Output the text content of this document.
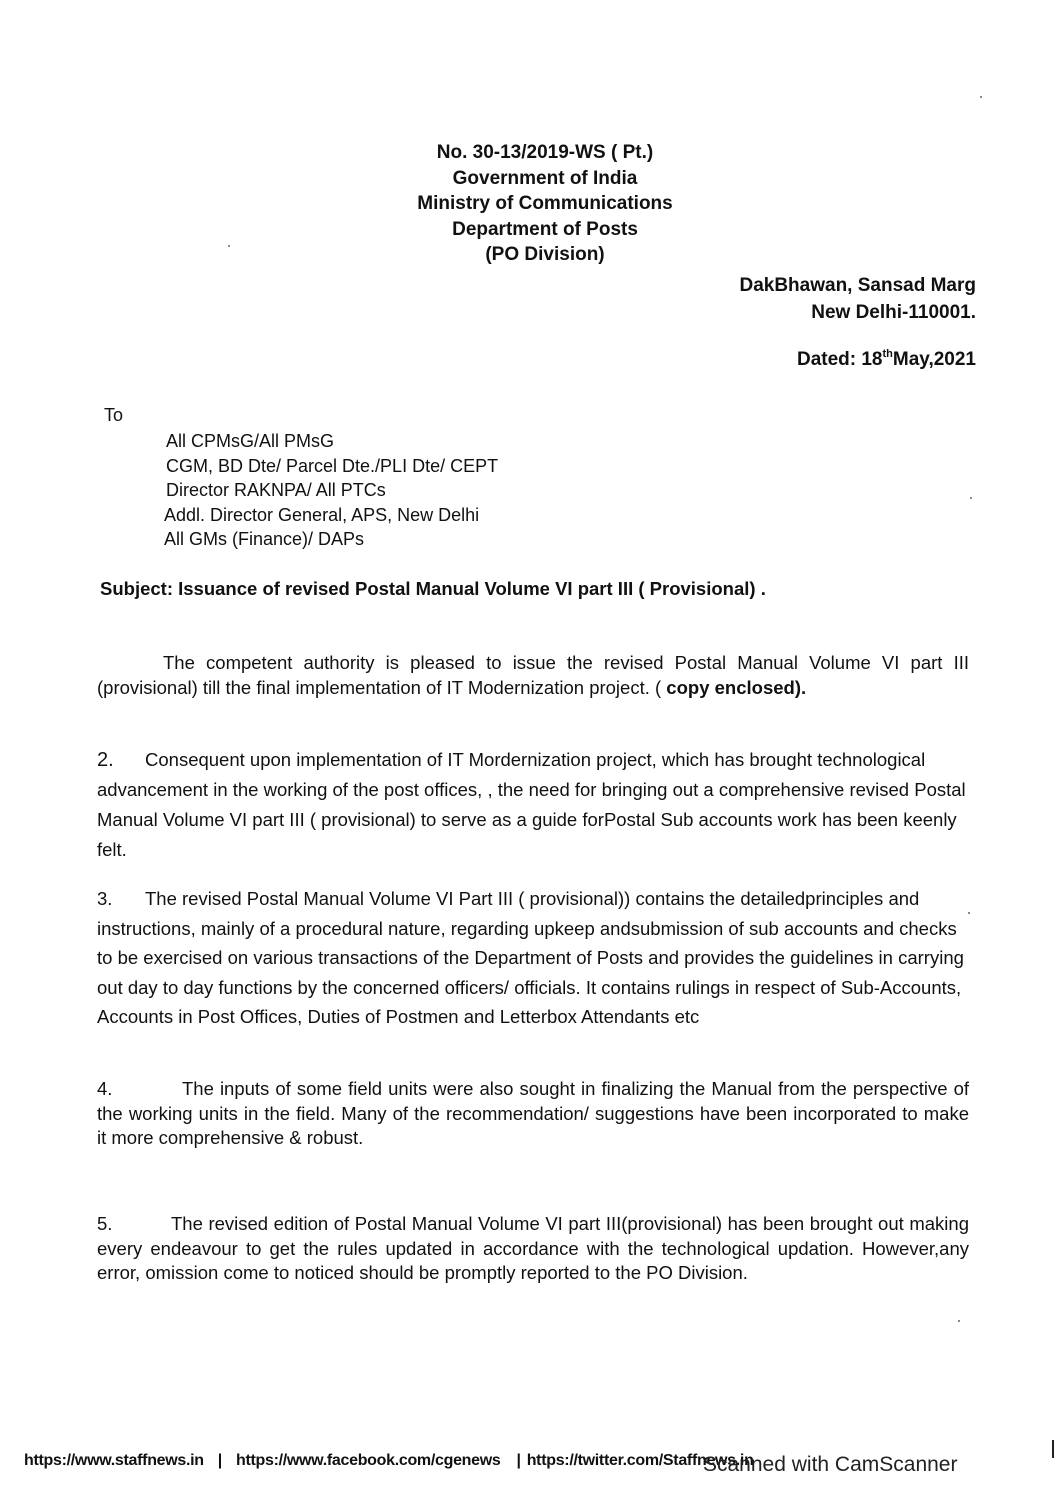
No. 30-13/2019-WS ( Pt.)
Government of India
Ministry of Communications
Department of Posts
(PO Division)
DakBhawan, Sansad Marg
New Delhi-110001.
Dated: 18thMay,2021
To
All CPMsG/All PMsG
CGM, BD Dte/ Parcel Dte./PLI Dte/ CEPT
Director RAKNPA/ All PTCs
Addl. Director General, APS, New Delhi
All GMs (Finance)/ DAPs
Subject: Issuance of revised Postal Manual Volume VI part III ( Provisional) .
The competent authority is pleased to issue the revised Postal Manual Volume VI part III (provisional) till the final implementation of IT Modernization project. ( copy enclosed).
2. Consequent upon implementation of IT Mordernization project, which has brought technological advancement in the working of the post offices, , the need for bringing out a comprehensive revised Postal Manual Volume VI part III ( provisional) to serve as a guide forPostal Sub accounts work has been keenly felt.
3. The revised Postal Manual Volume VI Part III ( provisional)) contains the detailedprinciples and instructions, mainly of a procedural nature, regarding upkeep andsubmission of sub accounts and checks to be exercised on various transactions of the Department of Posts and provides the guidelines in carrying out day to day functions by the concerned officers/ officials. It contains rulings in respect of Sub-Accounts, Accounts in Post Offices, Duties of Postmen and Letterbox Attendants etc
4.	The inputs of some field units were also sought in finalizing the Manual from the perspective of the working units in the field. Many of the recommendation/ suggestions have been incorporated to make it more comprehensive & robust.
5.	The revised edition of Postal Manual Volume VI part III(provisional) has been brought out making every endeavour to get the rules updated in accordance with the technological updation. However,any error, omission come to noticed should be promptly reported to the PO Division.
https://www.staffnews.in | https://www.facebook.com/cgenews | https://twitter.com/Staffnews.in
Scanned with CamScanner
